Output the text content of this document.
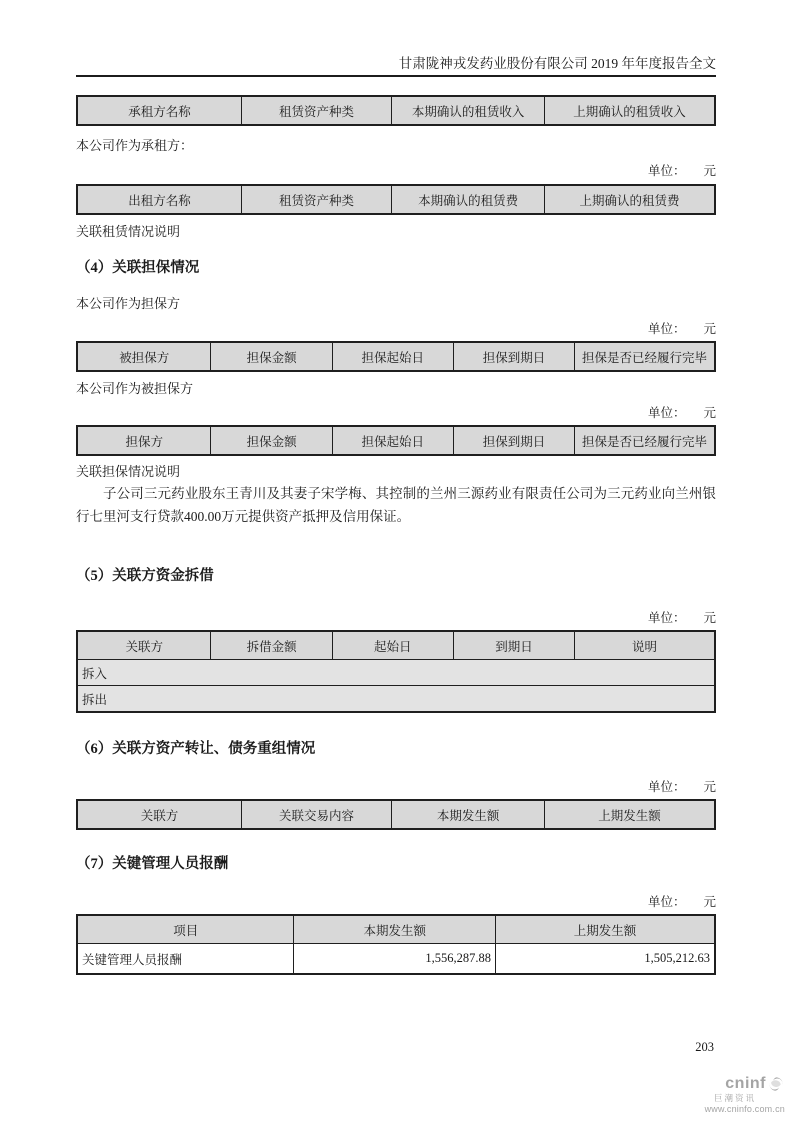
甘肃陇神戎发药业股份有限公司 2019 年年度报告全文
承租方名称	租赁资产种类	本期确认的租赁收入	上期确认的租赁收入
本公司作为承租方：
单位： 元
出租方名称	租赁资产种类	本期确认的租赁费	上期确认的租赁费
关联租赁情况说明
（4）关联担保情况
本公司作为担保方
单位： 元
被担保方	担保金额	担保起始日	担保到期日	担保是否已经履行完毕
本公司作为被担保方
单位： 元
担保方	担保金额	担保起始日	担保到期日	担保是否已经履行完毕
关联担保情况说明

子公司三元药业股东王青川及其妻子宋学梅、其控制的兰州三源药业有限责任公司为三元药业向兰州银行七里河支行贷款400.00万元提供资产抵押及信用保证。

（5）关联方资金拆借
单位： 元
关联方	拆借金额	起始日	到期日	说明
拆入
拆出
（6）关联方资产转让、债务重组情况
单位： 元
关联方	关联交易内容	本期发生额	上期发生额
（7）关键管理人员报酬
单位： 元
项目	本期发生额	上期发生额
关键管理人员报酬	1,556,287.88	1,505,212.63
203
cninf
巨潮资讯
www.cninfo.com.cn
